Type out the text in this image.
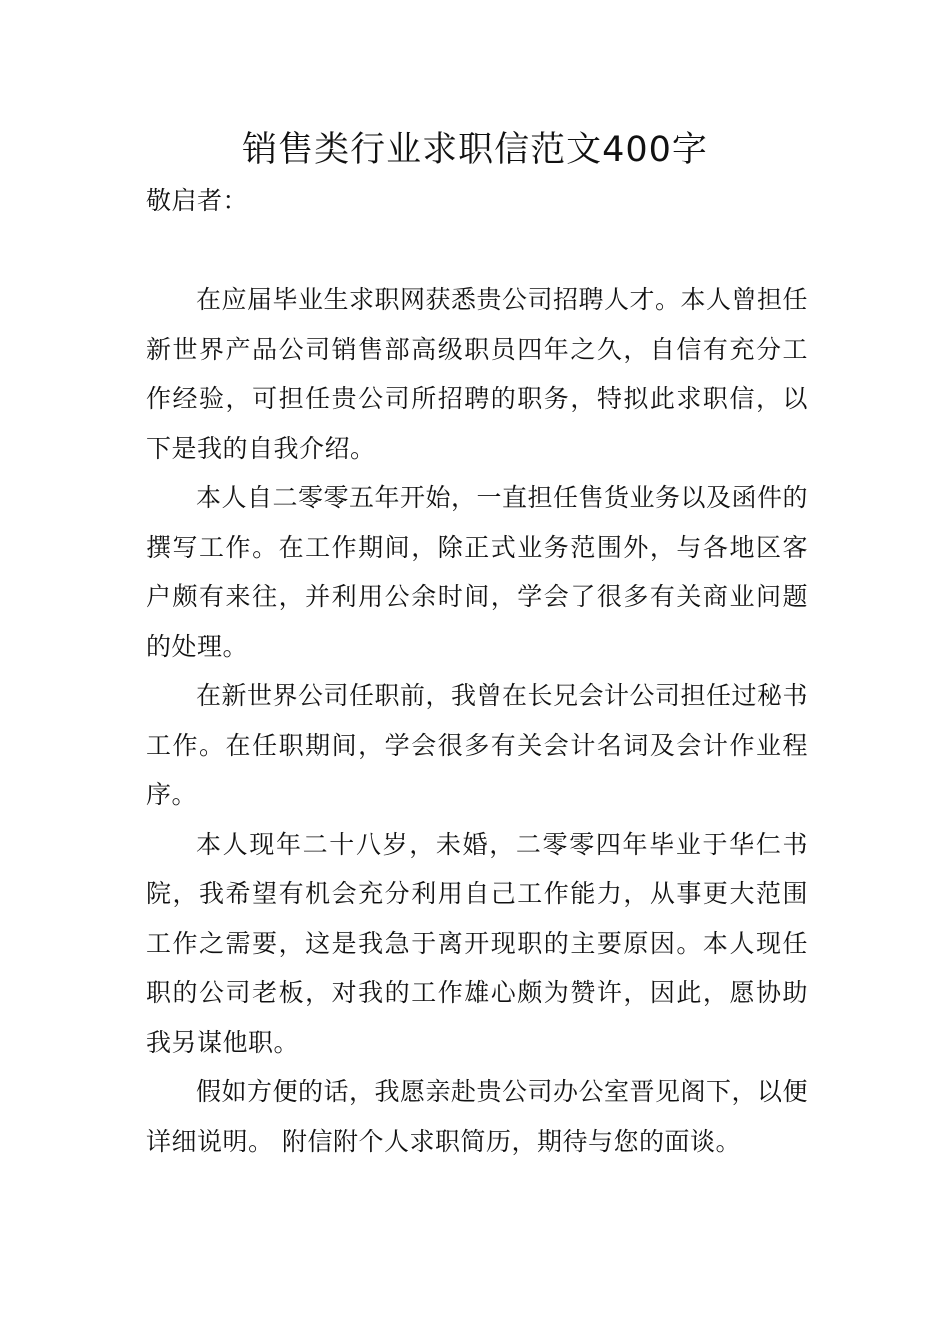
销售类行业求职信范文400字

敬启者：

在应届毕业生求职网获悉贵公司招聘人才。本人曾担任新世界产品公司销售部高级职员四年之久，自信有充分工作经验，可担任贵公司所招聘的职务，特拟此求职信，以下是我的自我介绍。

本人自二零零五年开始，一直担任售货业务以及函件的撰写工作。在工作期间，除正式业务范围外，与各地区客户颇有来往，并利用公余时间，学会了很多有关商业问题的处理。

在新世界公司任职前，我曾在长兄会计公司担任过秘书工作。在任职期间，学会很多有关会计名词及会计作业程序。

本人现年二十八岁，未婚，二零零四年毕业于华仁书院，我希望有机会充分利用自己工作能力，从事更大范围工作之需要，这是我急于离开现职的主要原因。本人现任职的公司老板，对我的工作雄心颇为赞许，因此，愿协助我另谋他职。

假如方便的话，我愿亲赴贵公司办公室晋见阁下，以便详细说明。 附信附个人求职简历，期待与您的面谈。
